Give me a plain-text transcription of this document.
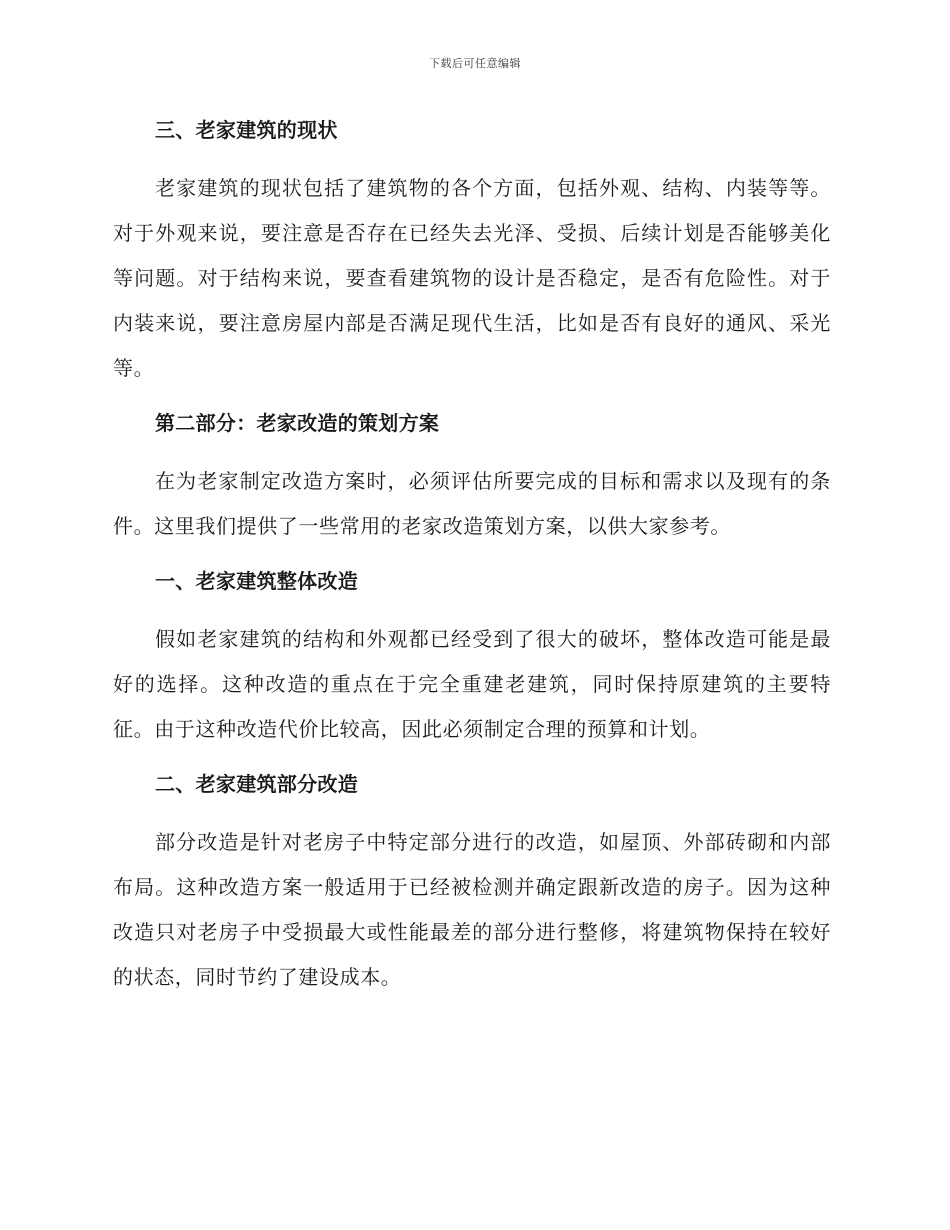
下载后可任意编辑
三、老家建筑的现状
老家建筑的现状包括了建筑物的各个方面，包括外观、结构、内装等等。对于外观来说，要注意是否存在已经失去光泽、受损、后续计划是否能够美化等问题。对于结构来说，要查看建筑物的设计是否稳定，是否有危险性。对于内装来说，要注意房屋内部是否满足现代生活，比如是否有良好的通风、采光等。
第二部分：老家改造的策划方案
在为老家制定改造方案时，必须评估所要完成的目标和需求以及现有的条件。这里我们提供了一些常用的老家改造策划方案，以供大家参考。
一、老家建筑整体改造
假如老家建筑的结构和外观都已经受到了很大的破坏，整体改造可能是最好的选择。这种改造的重点在于完全重建老建筑，同时保持原建筑的主要特征。由于这种改造代价比较高，因此必须制定合理的预算和计划。
二、老家建筑部分改造
部分改造是针对老房子中特定部分进行的改造，如屋顶、外部砖砌和内部布局。这种改造方案一般适用于已经被检测并确定跟新改造的房子。因为这种改造只对老房子中受损最大或性能最差的部分进行整修，将建筑物保持在较好的状态，同时节约了建设成本。
